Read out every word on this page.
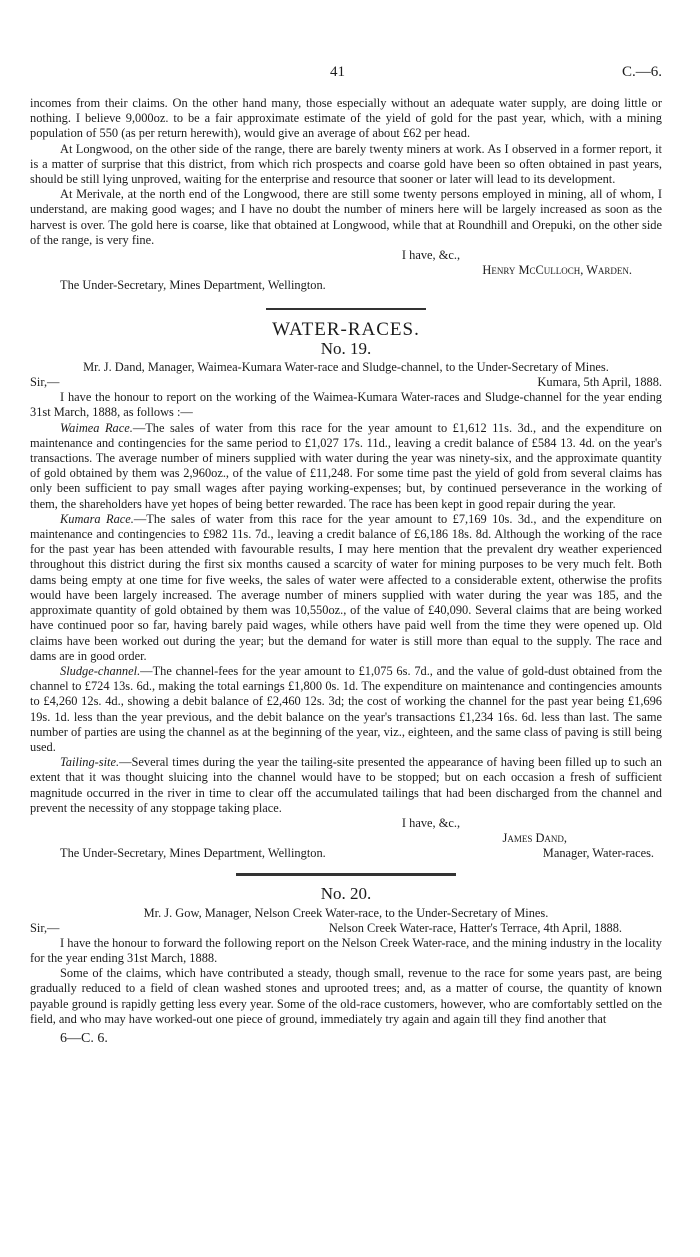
41	C.—6.

incomes from their claims. On the other hand many, those especially without an adequate water supply, are doing little or nothing. I believe 9,000oz. to be a fair approximate estimate of the yield of gold for the past year, which, with a mining population of 550 (as per return herewith), would give an average of about £62 per head.

At Longwood, on the other side of the range, there are barely twenty miners at work. As I observed in a former report, it is a matter of surprise that this district, from which rich prospects and coarse gold have been so often obtained in past years, should be still lying unproved, waiting for the enterprise and resource that sooner or later will lead to its development.

At Merivale, at the north end of the Longwood, there are still some twenty persons employed in mining, all of whom, I understand, are making good wages; and I have no doubt the number of miners here will be largely increased as soon as the harvest is over. The gold here is coarse, like that obtained at Longwood, while that at Roundhill and Orepuki, on the other side of the range, is very fine.

I have, &c.,
Henry McCulloch, Warden.
The Under-Secretary, Mines Department, Wellington.
WATER-RACES.
No. 19.
Mr. J. Dand, Manager, Waimea-Kumara Water-race and Sludge-channel, to the Under-Secretary of Mines.
Sir,—	Kumara, 5th April, 1888.

I have the honour to report on the working of the Waimea-Kumara Water-races and Sludge-channel for the year ending 31st March, 1888, as follows :—

Waimea Race.—The sales of water from this race for the year amount to £1,612 11s. 3d., and the expenditure on maintenance and contingencies for the same period to £1,027 17s. 11d., leaving a credit balance of £584 13. 4d. on the year's transactions. The average number of miners supplied with water during the year was ninety-six, and the approximate quantity of gold obtained by them was 2,960oz., of the value of £11,248. For some time past the yield of gold from several claims has only been sufficient to pay small wages after paying working-expenses; but, by continued perseverance in the working of them, the shareholders have yet hopes of being better rewarded. The race has been kept in good repair during the year.

Kumara Race.—The sales of water from this race for the year amount to £7,169 10s. 3d., and the expenditure on maintenance and contingencies to £982 11s. 7d., leaving a credit balance of £6,186 18s. 8d. Although the working of the race for the past year has been attended with favourable results, I may here mention that the prevalent dry weather experienced throughout this district during the first six months caused a scarcity of water for mining purposes to be very much felt. Both dams being empty at one time for five weeks, the sales of water were affected to a considerable extent, otherwise the profits would have been largely increased. The average number of miners supplied with water during the year was 185, and the approximate quantity of gold obtained by them was 10,550oz., of the value of £40,090. Several claims that are being worked have continued poor so far, having barely paid wages, while others have paid well from the time they were opened up. Old claims have been worked out during the year; but the demand for water is still more than equal to the supply. The race and dams are in good order.

Sludge-channel.—The channel-fees for the year amount to £1,075 6s. 7d., and the value of gold-dust obtained from the channel to £724 13s. 6d., making the total earnings £1,800 0s. 1d. The expenditure on maintenance and contingencies amounts to £4,260 12s. 4d., showing a debit balance of £2,460 12s. 3d; the cost of working the channel for the past year being £1,696 19s. 1d. less than the year previous, and the debit balance on the year's transactions £1,234 16s. 6d. less than last. The same number of parties are using the channel as at the beginning of the year, viz., eighteen, and the same class of paving is still being used.

Tailing-site.—Several times during the year the tailing-site presented the appearance of having been filled up to such an extent that it was thought sluicing into the channel would have to be stopped; but on each occasion a fresh of sufficient magnitude occurred in the river in time to clear off the accumulated tailings that had been discharged from the channel and prevent the necessity of any stoppage taking place.

I have, &c.,
James Dand,
The Under-Secretary, Mines Department, Wellington.	Manager, Water-races.
No. 20.
Mr. J. Gow, Manager, Nelson Creek Water-race, to the Under-Secretary of Mines.
Sir,—	Nelson Creek Water-race, Hatter's Terrace, 4th April, 1888.

I have the honour to forward the following report on the Nelson Creek Water-race, and the mining industry in the locality for the year ending 31st March, 1888.

Some of the claims, which have contributed a steady, though small, revenue to the race for some years past, are being gradually reduced to a field of clean washed stones and uprooted trees; and, as a matter of course, the quantity of known payable ground is rapidly getting less every year. Some of the old-race customers, however, who are comfortably settled on the field, and who may have worked-out one piece of ground, immediately try again and again till they find another that

6—C. 6.
